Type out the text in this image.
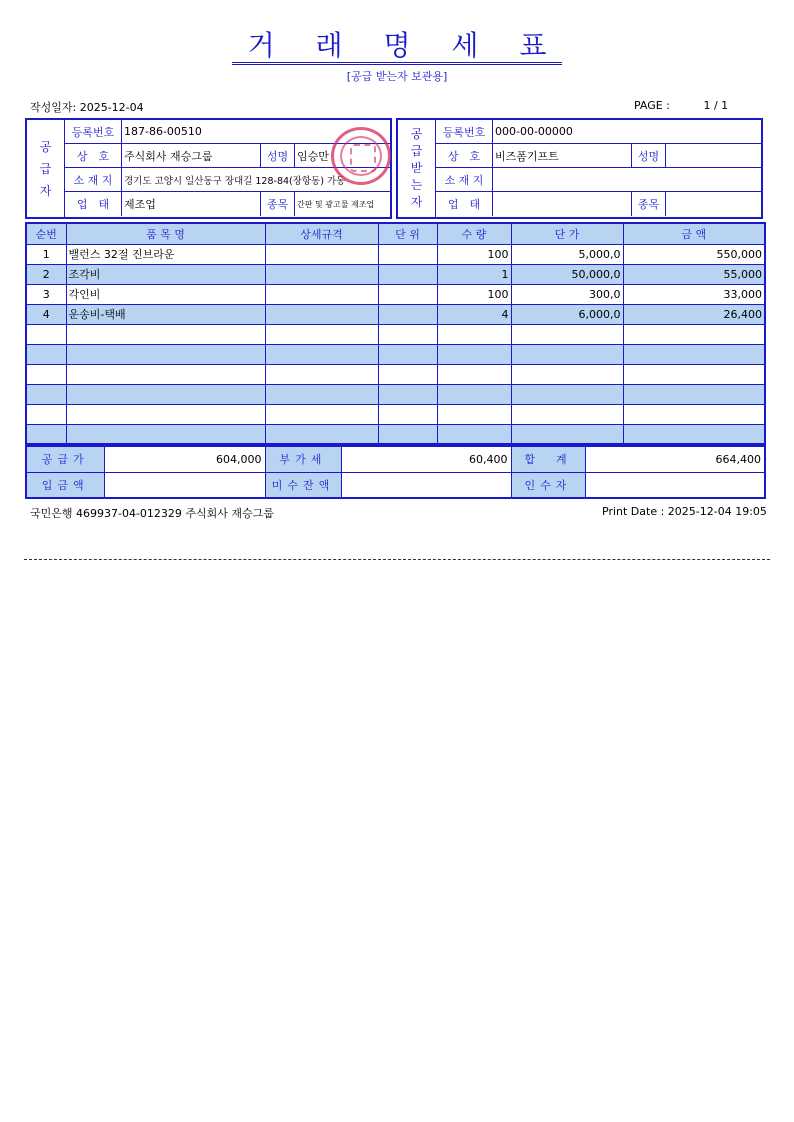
거 래 명 세 표
[공급 받는자 보관용]
작성일자: 2025-12-04	PAGE :	1 / 1
공
급
자
등록번호 187-86-00510
상　호	주식회사 재승그룹	성명 임승만
소 재 지	경기도 고양시 일산동구 장대길 128-84(장항동) 가동
업　태	제조업	종목	간판 및 광고물 제조업
공
급
받
는
자
등록번호 000-00-00000
상　호	비즈폼기프트	성명
소 재 지
업　태	종목
순번	품 목 명	상세규격	단 위	수 량	단 가	금 액
1	밸런스 32절 진브라운			100	5,000,0	550,000
2	조각비			1	50,000,0	55,000
3	각인비			100	300,0	33,000
4	운송비-택배			4	6,000,0	26,400

공급가	604,000	부가세	60,400	합　계	664,400
입금액		미수잔액		인수자	
국민은행 469937-04-012329 주식회사 재승그룹	Print Date : 2025-12-04 19:05
